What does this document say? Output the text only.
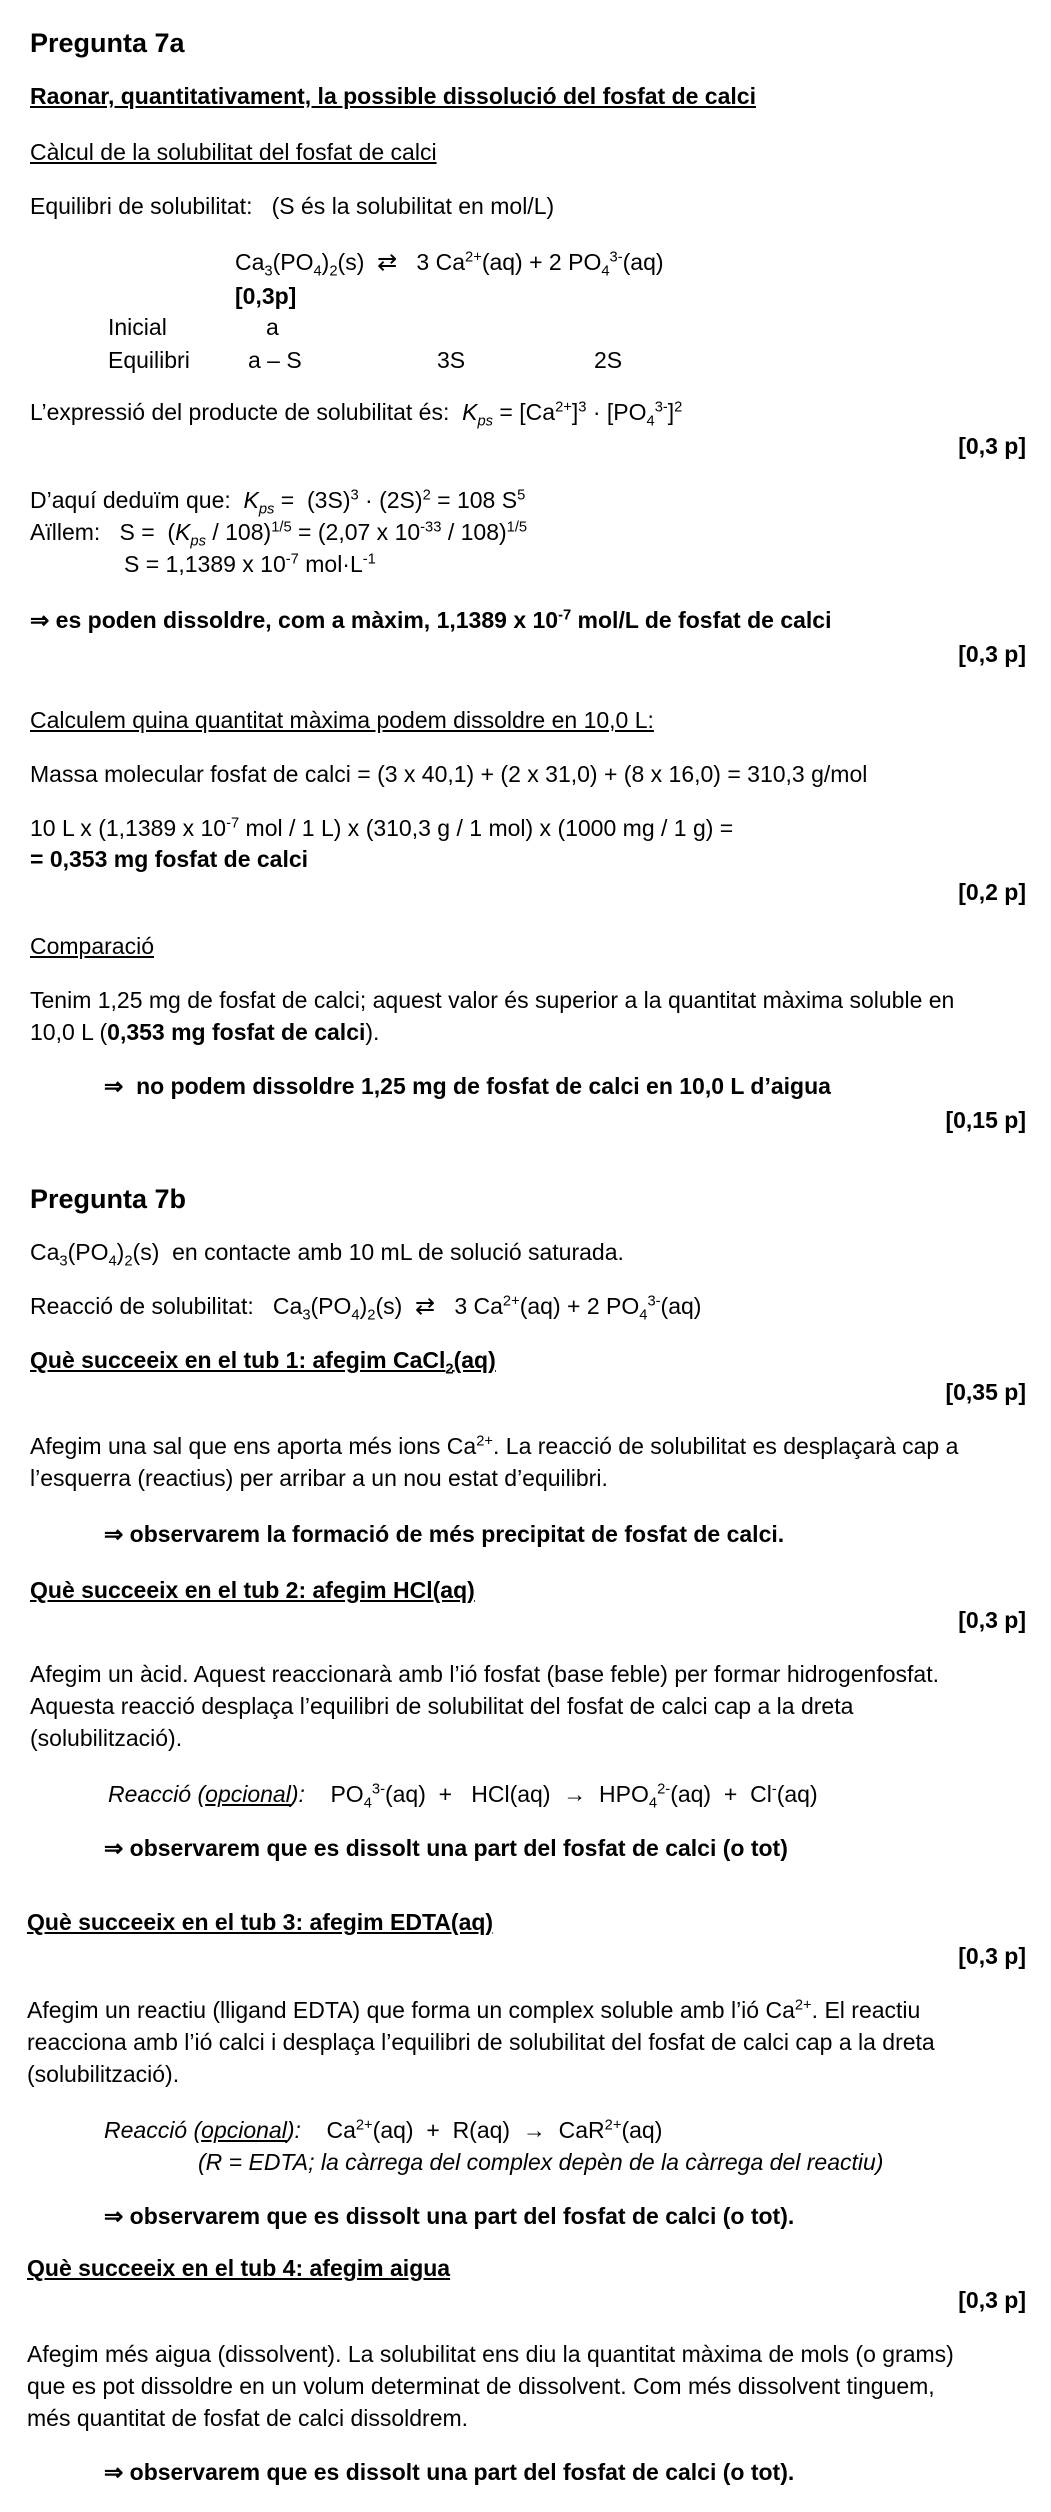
Pregunta 7a
Raonar, quantitativament, la possible dissolució del fosfat de calci
Càlcul de la solubilitat del fosfat de calci
Equilibri de solubilitat: (S és la solubilitat en mol/L)
$Ca_3(PO_4)_2(s)$  ⇄ 3 $Ca^{2+}(aq) + 2$ $PO_4^{3-}(aq)$
[0,3p]
Inicial	a
Equilibri	a – S	3S	2S
L’expressió del producte de solubilitat és: $K_{ps} = [Ca^{2+}]^3 \cdot [PO_4^{3-}]^2$
[0,3 p]
D’aquí deduïm que: $K_{ps} = (3S)^3 \cdot (2S)^2 = 108$ $S^5$
Aïllem:   $S = (K_{ps} / 108)^{1/5} = (2,07$ x $10^{-33} / 108)^{1/5}$
S = 1,1389 x $10^{-7}$ $mol\cdot L^{-1}$
⇒ es poden dissoldre, com a màxim, 1,1389 x $10^{-7}$ mol/L de fosfat de calci
[0,3 p]
Calculem quina quantitat màxima podem dissoldre en 10,0 L:
Massa molecular fosfat de calci = (3 x 40,1) + (2 x 31,0) + (8 x 16,0) = 310,3 g/mol
10 L x (1,1389 x $10^{-7}$ mol / 1 L) x (310,3 g / 1 mol) x (1000 mg / 1 g) =
= 0,353 mg fosfat de calci
[0,2 p]
Comparació
Tenim 1,25 mg de fosfat de calci; aquest valor és superior a la quantitat màxima soluble en
10,0 L (0,353 mg fosfat de calci).
⇒ no podem dissoldre 1,25 mg de fosfat de calci en 10,0 L d’aigua
[0,15 p]
Pregunta 7b
$Ca_3(PO_4)_2(s)$  en contacte amb 10 mL de solució saturada.
Reacció de solubilitat:   $Ca_3(PO_4)_2(s)$  ⇄   3 $Ca^{2+}(aq) + 2$ $PO_4^{3-}(aq)$
Què succeeix en el tub 1: afegim CaCl$_2$(aq)
[0,35 p]
Afegim una sal que ens aporta més ions $Ca^{2+}$. La reacció de solubilitat es desplaçarà cap a
l’esquerra (reactius) per arribar a un nou estat d’equilibri.
⇒ observarem la formació de més precipitat de fosfat de calci.
Què succeeix en el tub 2: afegim HCl(aq)
[0,3 p]
Afegim un àcid. Aquest reaccionarà amb l’ió fosfat (base feble) per formar hidrogenfosfat.
Aquesta reacció desplaça l’equilibri de solubilitat del fosfat de calci cap a la dreta
(solubilització).
Reacció (opcional):    $PO_4^{3-}(aq) + HCl(aq) \to HPO_4^{2-}(aq) + Cl^-(aq)$
⇒ observarem que es dissolt una part del fosfat de calci (o tot)
Què succeeix en el tub 3: afegim EDTA(aq)
[0,3 p]
Afegim un reactiu (lligand EDTA) que forma un complex soluble amb l’ió $Ca^{2+}$. El reactiu
reacciona amb l’ió calci i desplaça l’equilibri de solubilitat del fosfat de calci cap a la dreta
(solubilització).
Reacció (opcional):    $Ca^{2+}(aq) + R(aq) \to CaR^{2+}(aq)$
(R = EDTA; la càrrega del complex depèn de la càrrega del reactiu)
⇒ observarem que es dissolt una part del fosfat de calci (o tot).
Què succeeix en el tub 4: afegim aigua
[0,3 p]
Afegim més aigua (dissolvent). La solubilitat ens diu la quantitat màxima de mols (o grams)
que es pot dissoldre en un volum determinat de dissolvent. Com més dissolvent tinguem,
més quantitat de fosfat de calci dissoldrem.
⇒ observarem que es dissolt una part del fosfat de calci (o tot).
